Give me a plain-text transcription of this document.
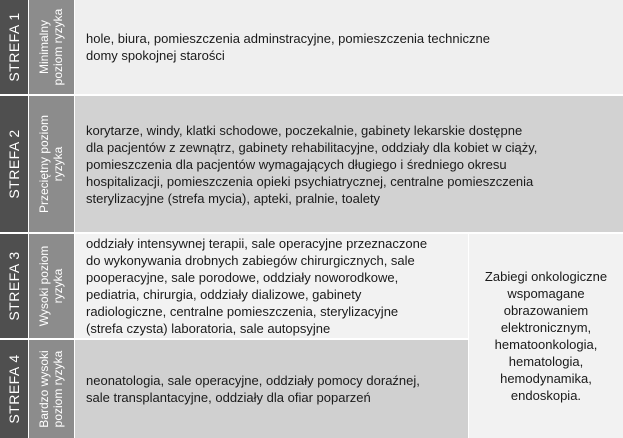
STREFA 1 Minimalny poziom ryzyka hole, biura, pomieszczenia adminstracyjne, pomieszczenia techniczne
domy spokojnej starości
STREFA 2 Przeciętny poziom ryzyka
korytarze, windy, klatki schodowe, poczekalnie, gabinety lekarskie dostępne
dla pacjentów z zewnątrz, gabinety rehabilitacyjne, oddziały dla kobiet w ciąży,
pomieszczenia dla pacjentów wymagających długiego i średniego okresu
hospitalizacji, pomieszczenia opieki psychiatrycznej, centralne pomieszczenia
sterylizacyjne (strefa mycia), apteki, pralnie, toalety
STREFA 3 Wysoki poziom ryzyka
oddziały intensywnej terapii, sale operacyjne przeznaczone
do wykonywania drobnych zabiegów chirurgicznych, sale
pooperacyjne, sale porodowe, oddziały noworodkowe,
pediatria, chirurgia, oddziały dializowe, gabinety
radiologiczne, centralne pomieszczenia, sterylizacyjne
(strefa czysta) laboratoria, sale autopsyjne
STREFA 4 Bardzo wysoki poziom ryzyka neonatologia, sale operacyjne, oddziały pomocy doraźnej,
sale transplantacyjne, oddziały dla ofiar poparzeń
Zabiegi onkologiczne
wspomagane
obrazowaniem
elektronicznym,
hematoonkologia,
hematologia,
hemodynamika,
endoskopia.
